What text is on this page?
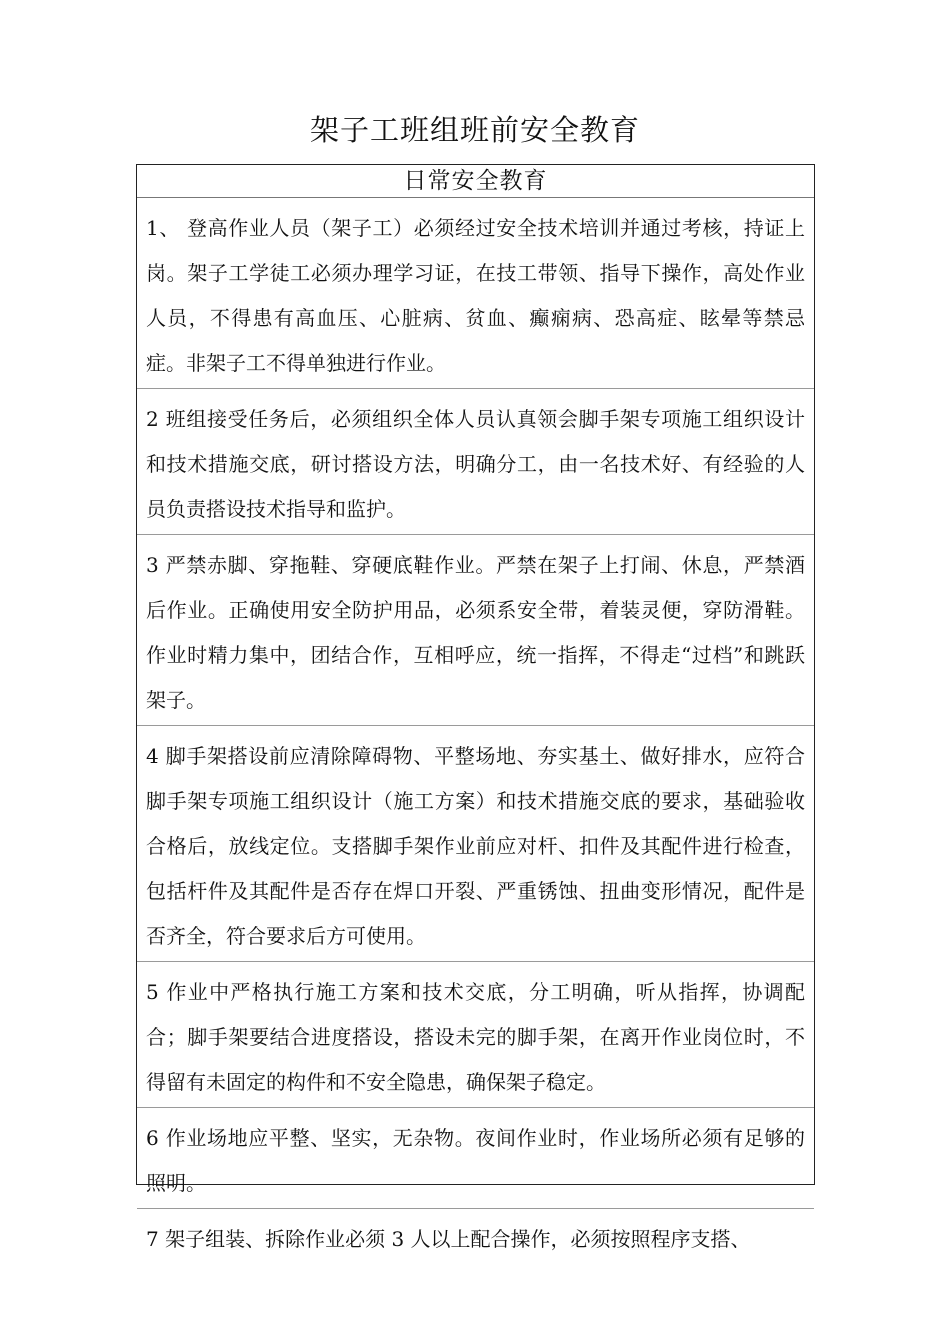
架子工班组班前安全教育
日常安全教育

1、 登高作业人员（架子工）必须经过安全技术培训并通过考核，持证上岗。架子工学徒工必须办理学习证，在技工带领、指导下操作，高处作业人员，不得患有高血压、心脏病、贫血、癫痫病、恐高症、眩晕等禁忌症。非架子工不得单独进行作业。

2 班组接受任务后，必须组织全体人员认真领会脚手架专项施工组织设计和技术措施交底，研讨搭设方法，明确分工，由一名技术好、有经验的人员负责搭设技术指导和监护。

3 严禁赤脚、穿拖鞋、穿硬底鞋作业。严禁在架子上打闹、休息，严禁酒后作业。正确使用安全防护用品，必须系安全带，着装灵便，穿防滑鞋。作业时精力集中，团结合作，互相呼应，统一指挥，不得走“过档”和跳跃架子。

4 脚手架搭设前应清除障碍物、平整场地、夯实基土、做好排水，应符合脚手架专项施工组织设计（施工方案）和技术措施交底的要求，基础验收合格后，放线定位。支搭脚手架作业前应对杆、扣件及其配件进行检查，包括杆件及其配件是否存在焊口开裂、严重锈蚀、扭曲变形情况，配件是否齐全，符合要求后方可使用。

5 作业中严格执行施工方案和技术交底，分工明确，听从指挥，协调配合；脚手架要结合进度搭设，搭设未完的脚手架，在离开作业岗位时，不得留有未固定的构件和不安全隐患，确保架子稳定。

6 作业场地应平整、坚实，无杂物。夜间作业时，作业场所必须有足够的照明。

7 架子组装、拆除作业必须 3 人以上配合操作，必须按照程序支搭、
